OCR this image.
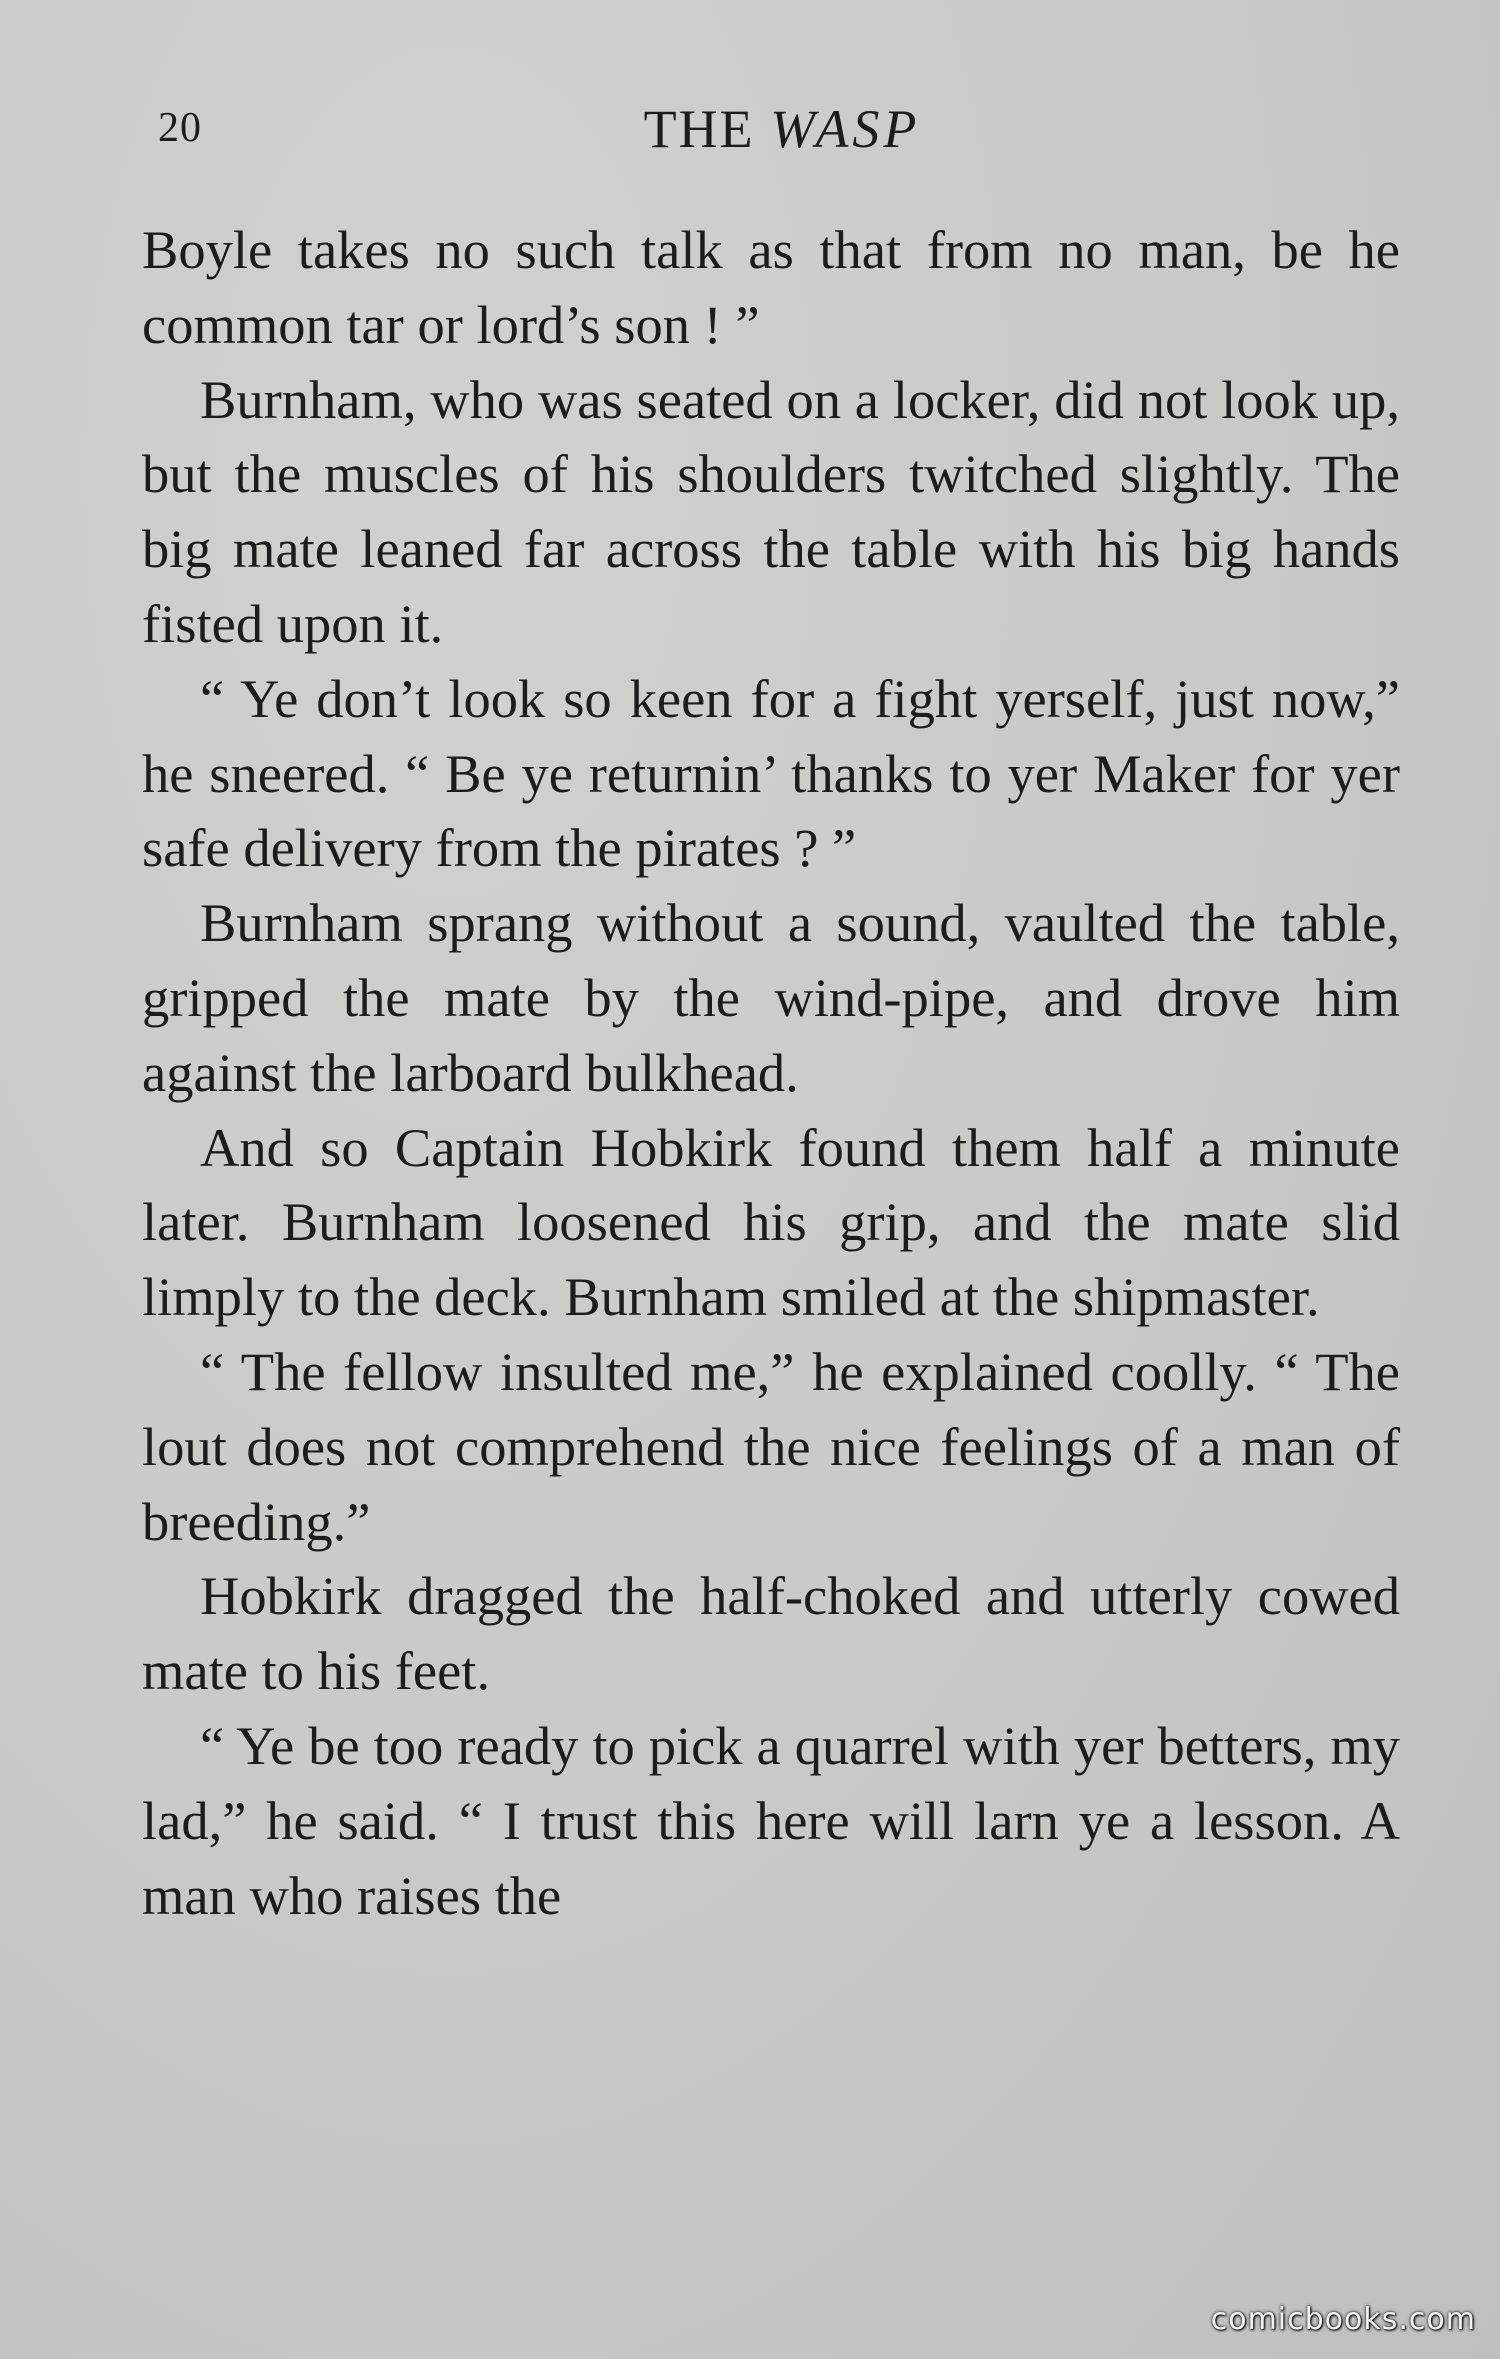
20	THE WASP

Boyle takes no such talk as that from no man, be he common tar or lord’s son ! ”

Burnham, who was seated on a locker, did not look up, but the muscles of his shoulders twitched slightly. The big mate leaned far across the table with his big hands fisted upon it.

“ Ye don’t look so keen for a fight yerself, just now,” he sneered. “ Be ye returnin’ thanks to yer Maker for yer safe delivery from the pirates ? ”

Burnham sprang without a sound, vaulted the table, gripped the mate by the wind-pipe, and drove him against the larboard bulkhead.

And so Captain Hobkirk found them half a minute later. Burnham loosened his grip, and the mate slid limply to the deck. Burnham smiled at the shipmaster.

“ The fellow insulted me,” he explained coolly. “ The lout does not comprehend the nice feelings of a man of breeding.”

Hobkirk dragged the half-choked and utterly cowed mate to his feet.

“ Ye be too ready to pick a quarrel with yer betters, my lad,” he said. “ I trust this here will larn ye a lesson. A man who raises the

comicbooks.com
